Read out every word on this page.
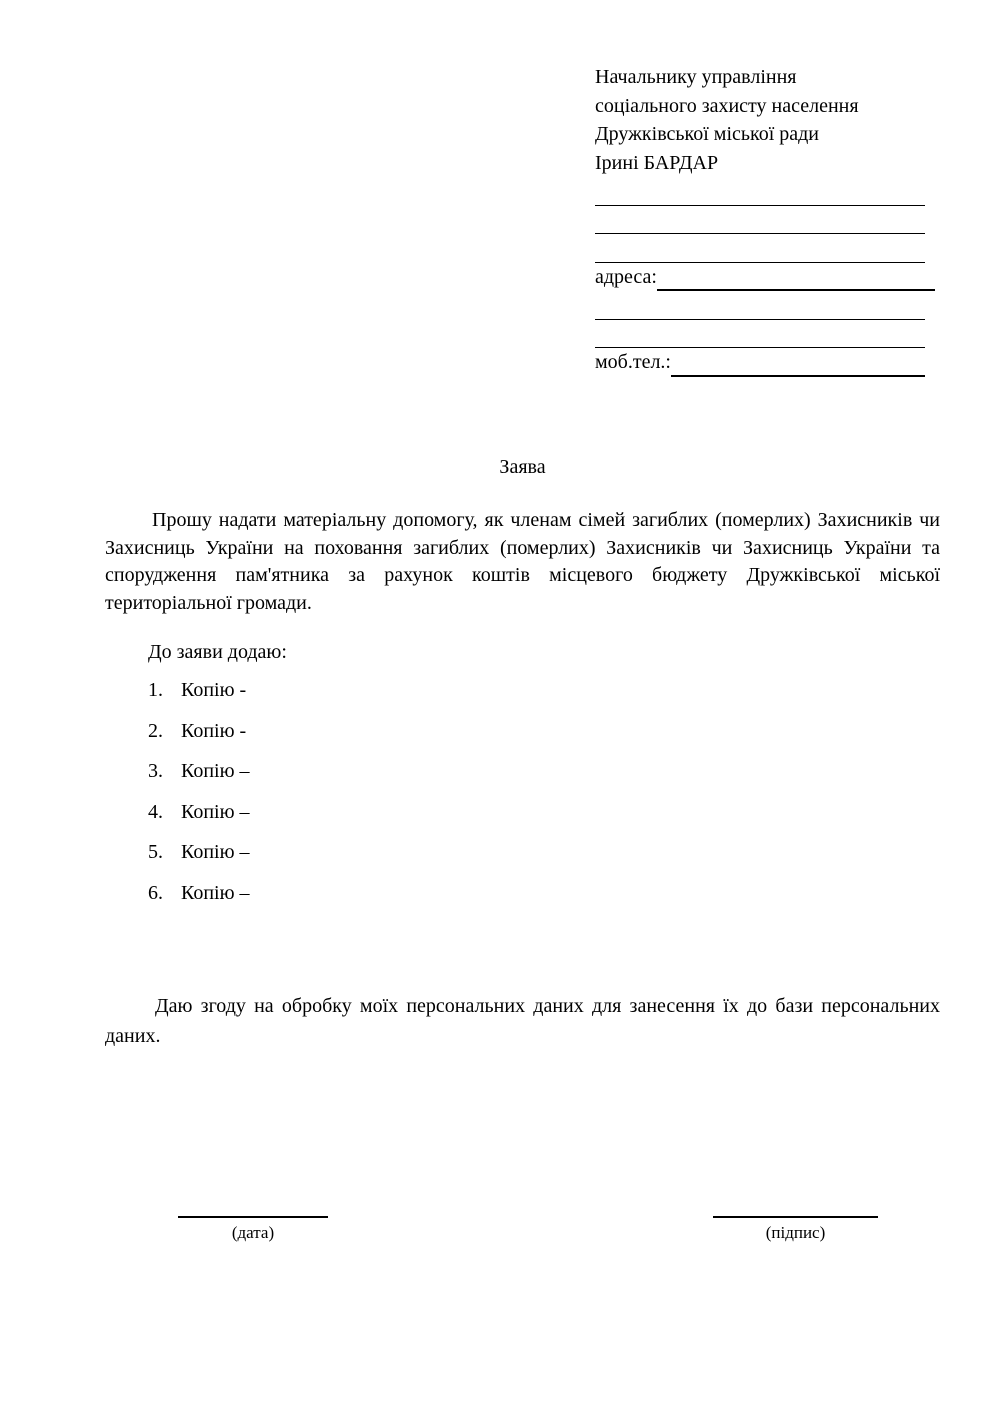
Начальнику управління
соціального захисту населення
Дружківської міської ради
Ірині БАРДАР
адреса:
моб.тел.:
Заява
Прошу надати матеріальну допомогу, як членам сімей загиблих (померлих) Захисників чи Захисниць України на поховання загиблих (померлих) Захисників чи Захисниць України та спорудження пам'ятника за рахунок коштів місцевого бюджету Дружківської міської територіальної громади.
До заяви додаю:
1. Копію -
2. Копію -
3. Копію –
4. Копію –
5. Копію –
6. Копію –
Даю згоду на обробку моїх персональних даних для занесення їх до бази персональних даних.
(дата)	(підпис)
